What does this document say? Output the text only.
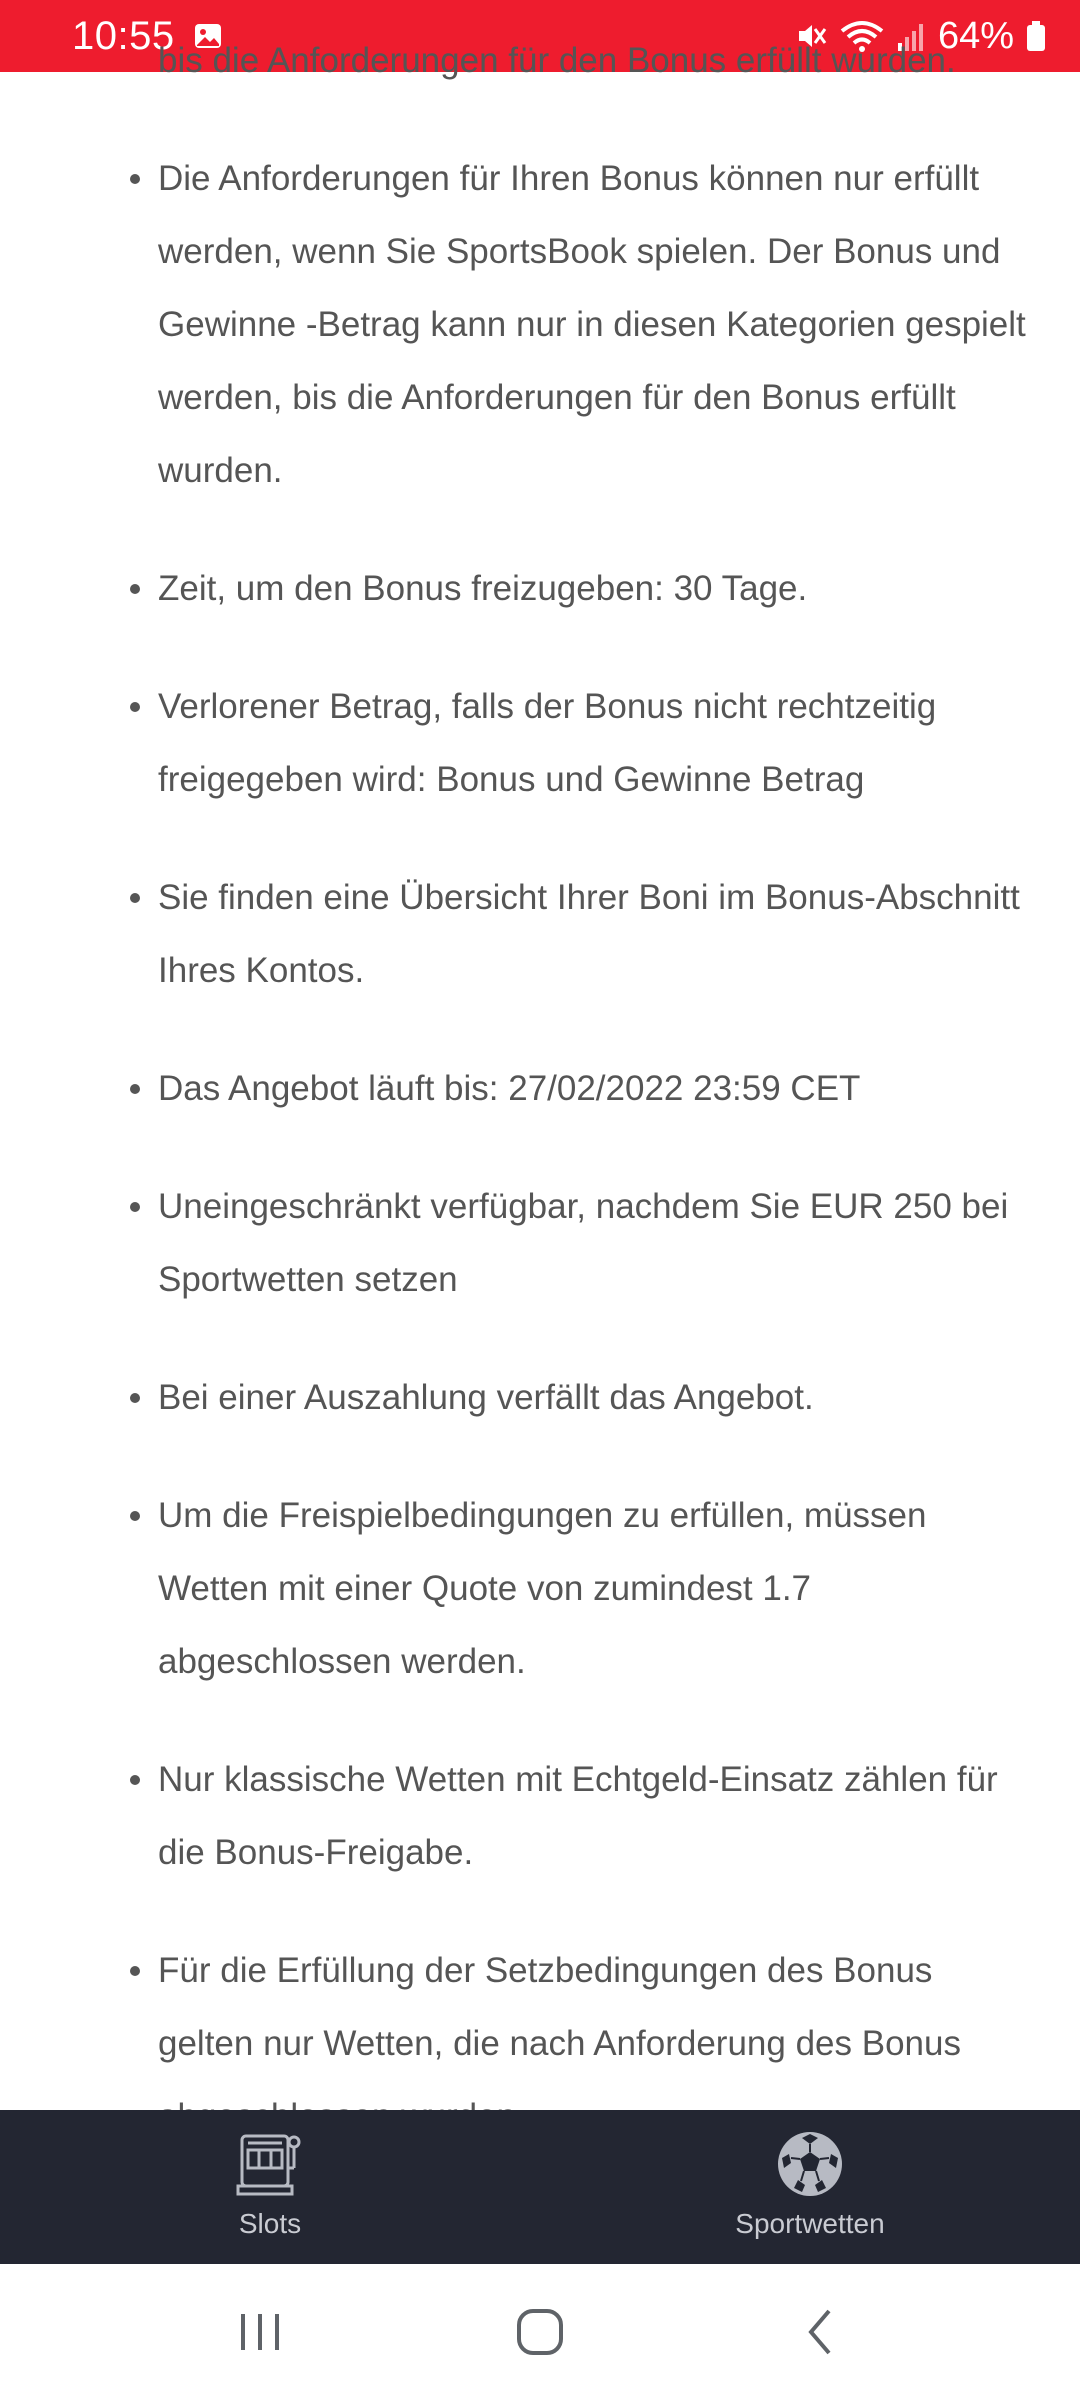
10:55	64%
bis die Anforderungen für den Bonus erfüllt wurden.
Die Anforderungen für Ihren Bonus können nur erfüllt werden, wenn Sie SportsBook spielen. Der Bonus und Gewinne -Betrag kann nur in diesen Kategorien gespielt werden, bis die Anforderungen für den Bonus erfüllt wurden.
Zeit, um den Bonus freizugeben: 30 Tage.
Verlorener Betrag, falls der Bonus nicht rechtzeitig freigegeben wird: Bonus und Gewinne Betrag
Sie finden eine Übersicht Ihrer Boni im Bonus-Abschnitt Ihres Kontos.
Das Angebot läuft bis: 27/02/2022 23:59 CET
Uneingeschränkt verfügbar, nachdem Sie EUR 250 bei Sportwetten setzen
Bei einer Auszahlung verfällt das Angebot.
Um die Freispielbedingungen zu erfüllen, müssen Wetten mit einer Quote von zumindest 1.7 abgeschlossen werden.
Nur klassische Wetten mit Echtgeld-Einsatz zählen für die Bonus-Freigabe.
Für die Erfüllung der Setzbedingungen des Bonus gelten nur Wetten, die nach Anforderung des Bonus
Slots	Sportwetten
